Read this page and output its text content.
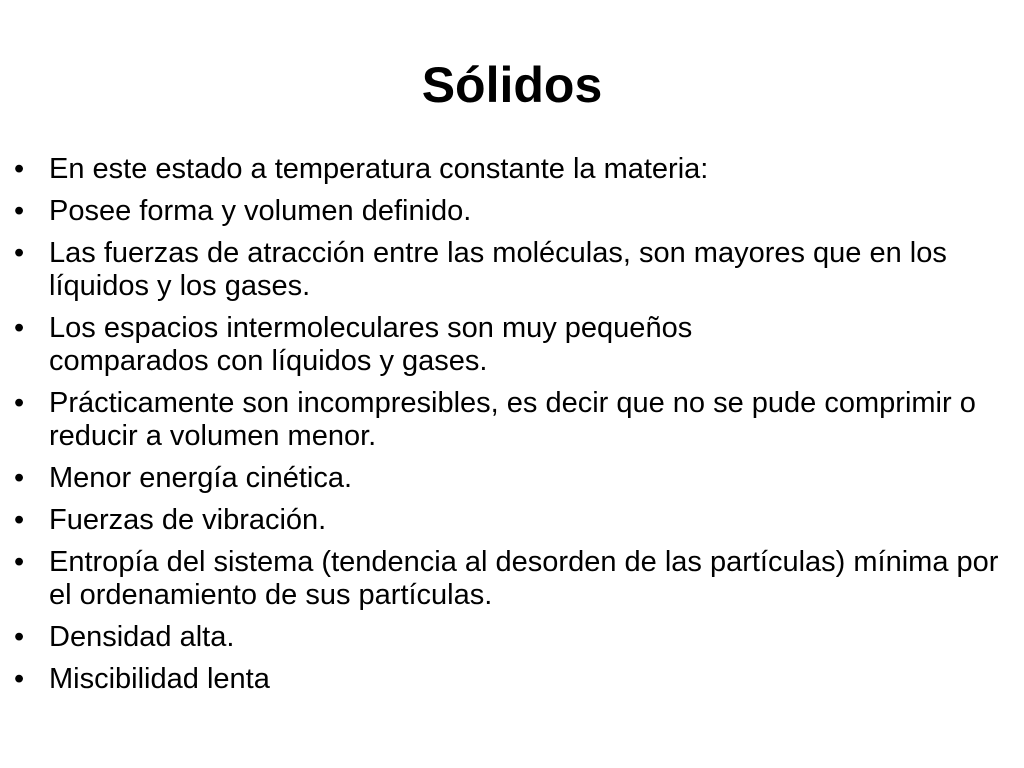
Sólidos
• En este estado a temperatura constante la materia:
• Posee forma y volumen definido.
• Las fuerzas de atracción entre las moléculas, son mayores que en los líquidos y los gases.
• Los espacios intermoleculares son muy pequeños comparados con líquidos y gases.
• Prácticamente son incompresibles, es decir que no se pude comprimir o reducir a volumen menor.
• Menor energía cinética.
• Fuerzas de vibración.
• Entropía del sistema (tendencia al desorden de las partículas) mínima por el ordenamiento de sus partículas.
• Densidad alta.
• Miscibilidad lenta
